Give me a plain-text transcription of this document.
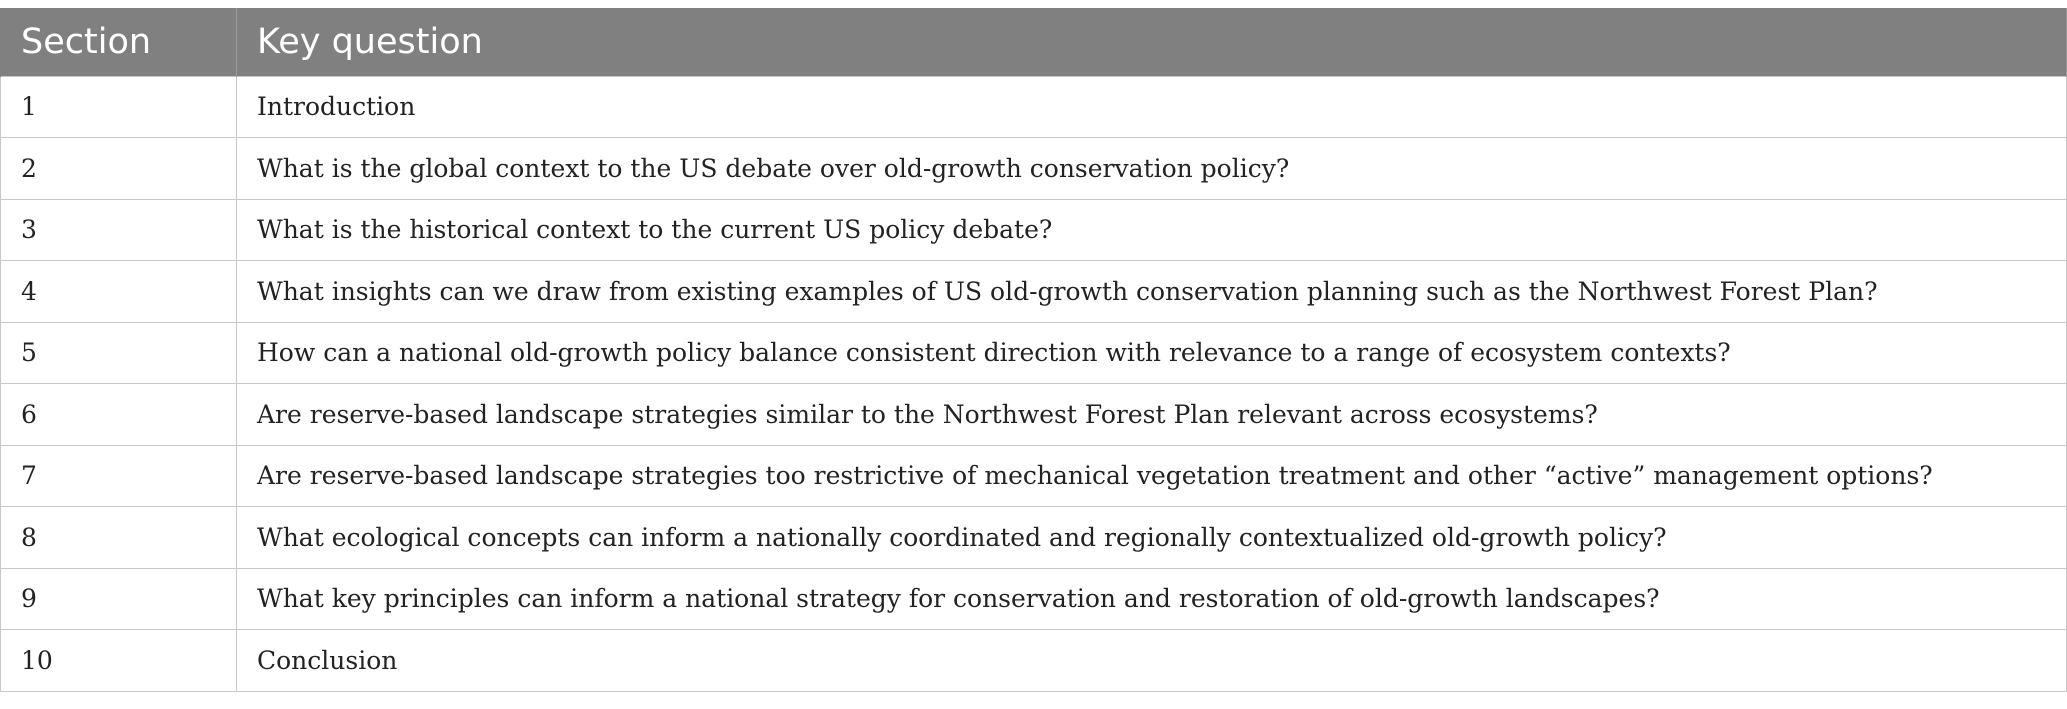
Section	Key question
1	Introduction
2	What is the global context to the US debate over old-growth conservation policy?
3	What is the historical context to the current US policy debate?
4	What insights can we draw from existing examples of US old-growth conservation planning such as the Northwest Forest Plan?
5	How can a national old-growth policy balance consistent direction with relevance to a range of ecosystem contexts?
6	Are reserve-based landscape strategies similar to the Northwest Forest Plan relevant across ecosystems?
7	Are reserve-based landscape strategies too restrictive of mechanical vegetation treatment and other “active” management options?
8	What ecological concepts can inform a nationally coordinated and regionally contextualized old-growth policy?
9	What key principles can inform a national strategy for conservation and restoration of old-growth landscapes?
10	Conclusion
